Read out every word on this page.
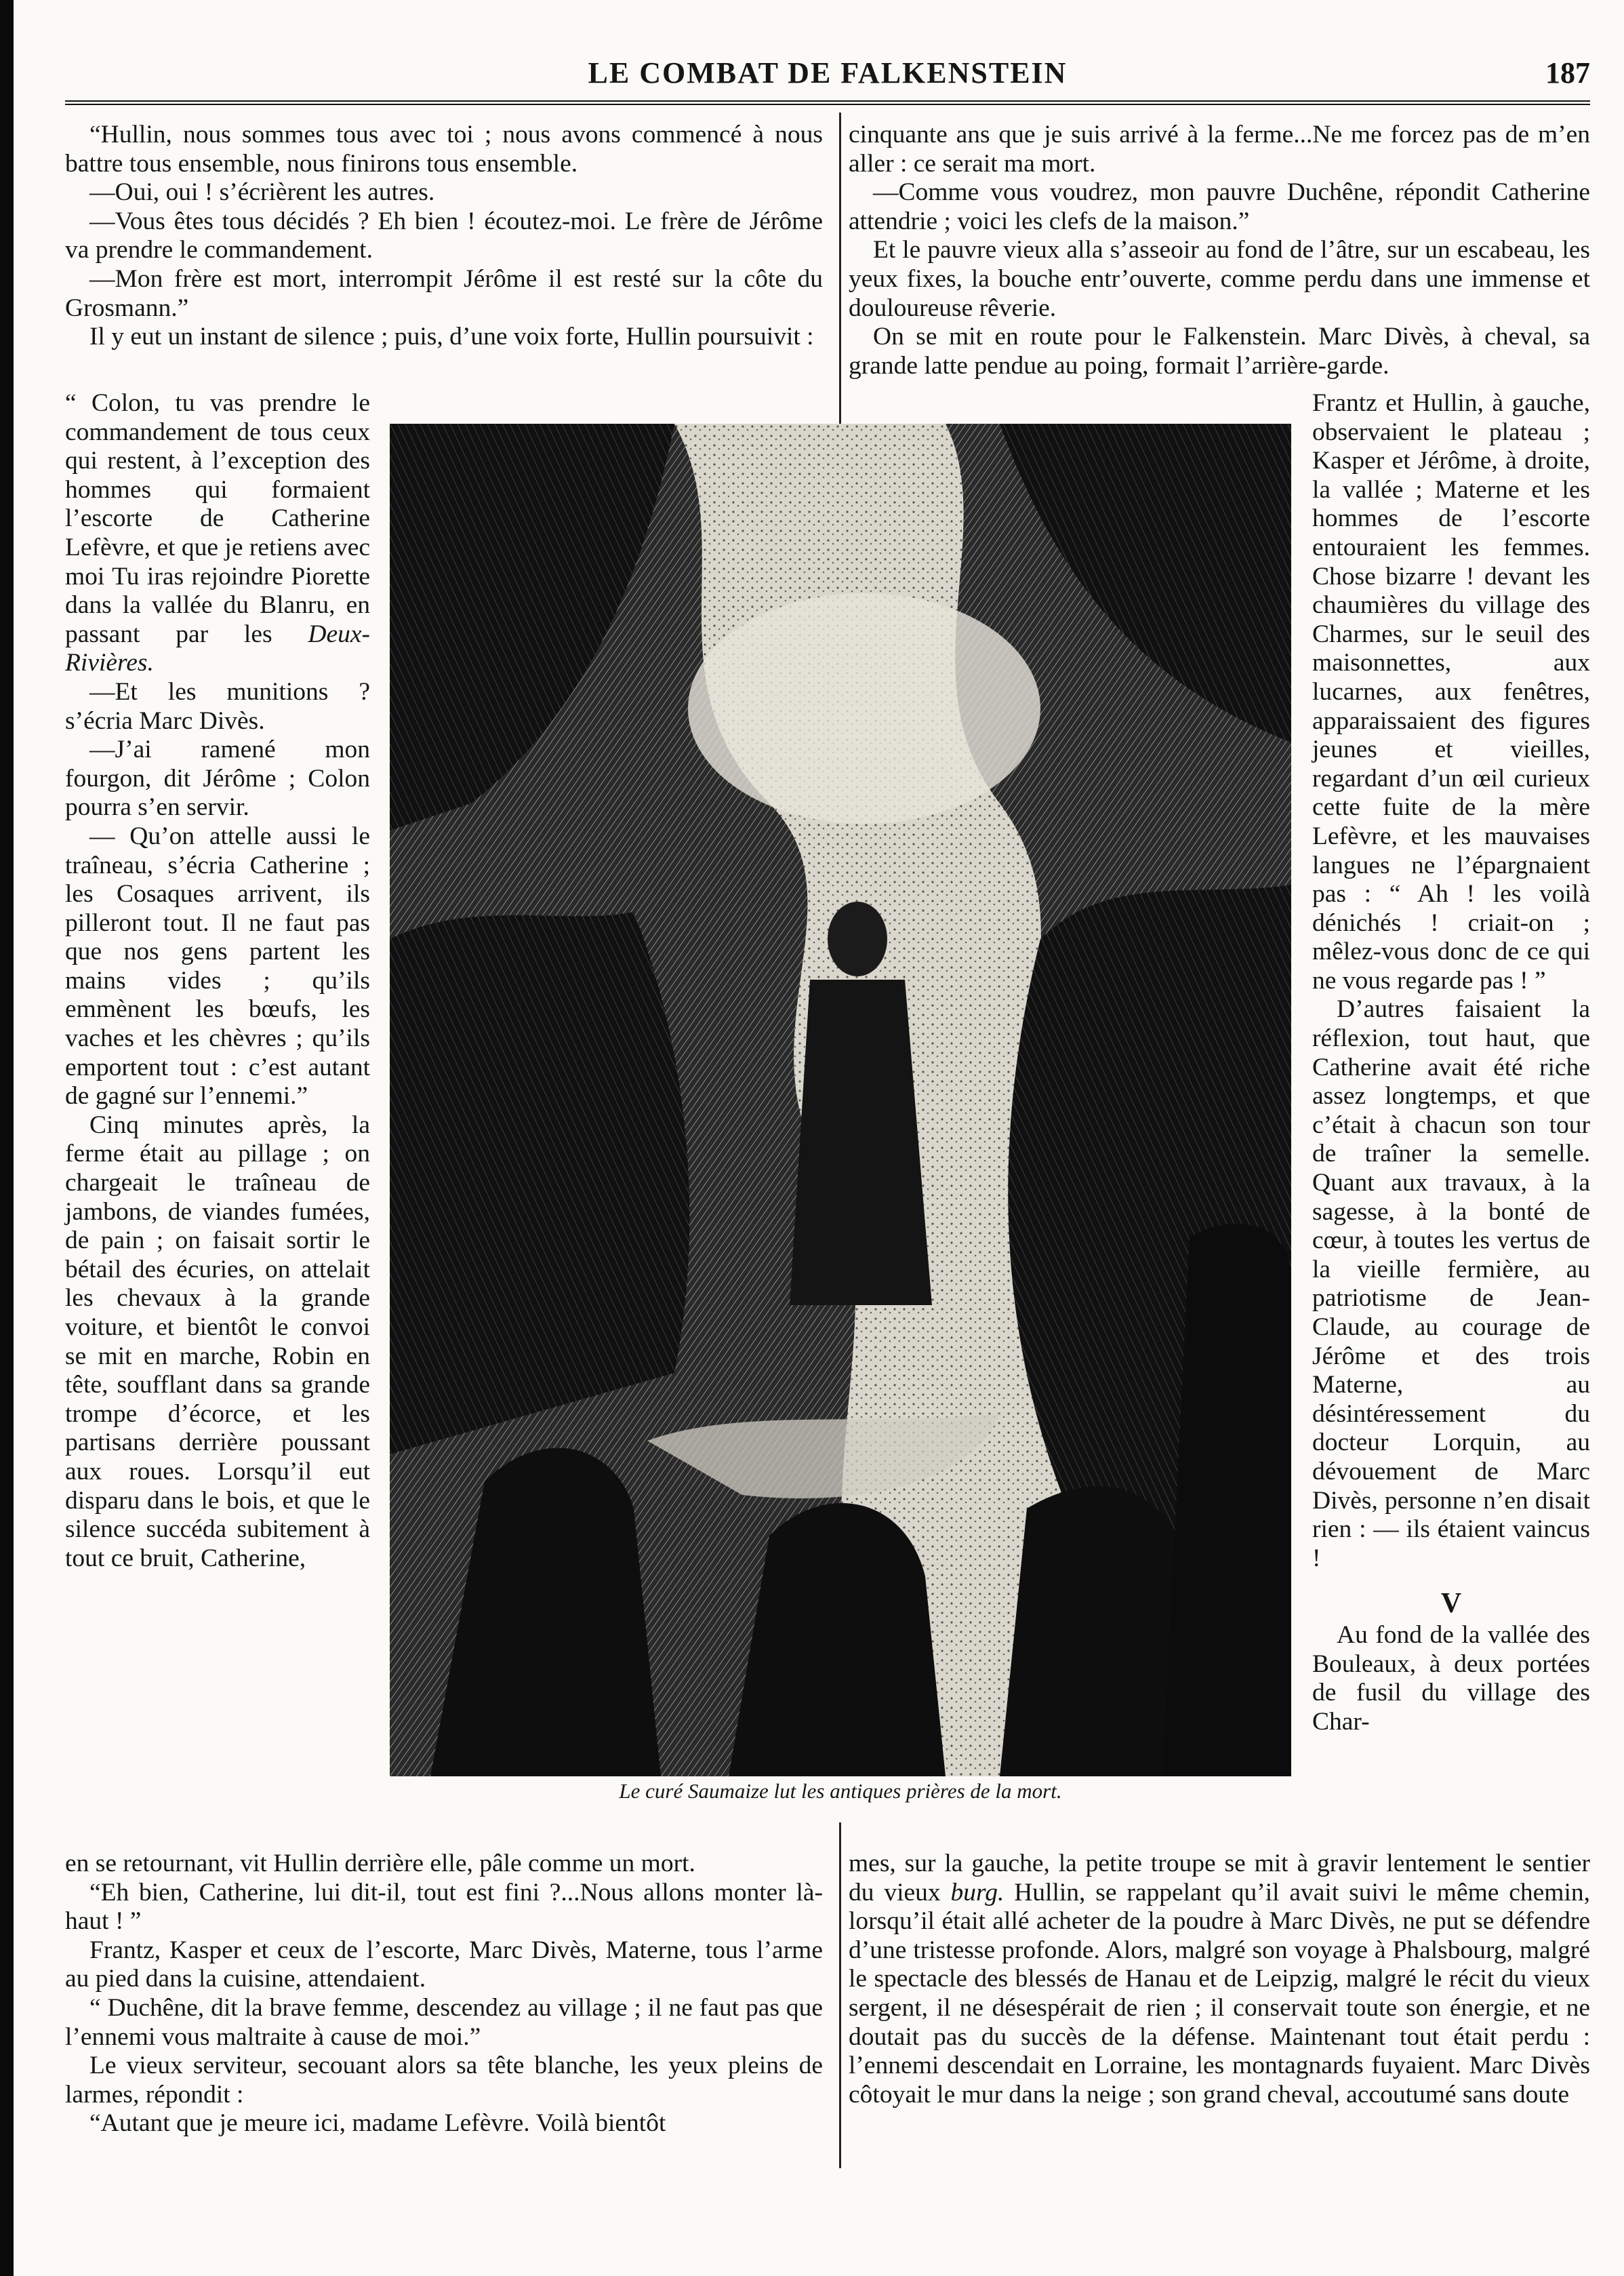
LE COMBAT DE FALKENSTEIN	187

“Hullin, nous sommes tous avec toi ; nous avons commencé à nous battre tous ensemble, nous finirons tous ensemble.

—Oui, oui ! s’écrièrent les autres.

—Vous êtes tous décidés ? Eh bien ! écoutez-moi. Le frère de Jérôme va prendre le commandement.

—Mon frère est mort, interrompit Jérôme il est resté sur la côte du Grosmann.”

Il y eut un instant de silence ; puis, d’une voix forte, Hullin poursuivit :

“ Colon, tu vas prendre le commandement de tous ceux qui restent, à l’exception des hommes qui formaient l’escorte de Catherine Lefèvre, et que je retiens avec moi Tu iras rejoindre Piorette dans la vallée du Blanru, en passant par les Deux-Rivières.

—Et les munitions ? s’écria Marc Divès.

—J’ai ramené mon fourgon, dit Jérôme ; Colon pourra s’en servir.

— Qu’on attelle aussi le traîneau, s’écria Catherine ; les Cosaques arrivent, ils pilleront tout. Il ne faut pas que nos gens partent les mains vides ; qu’ils emmènent les bœufs, les vaches et les chèvres ; qu’ils emportent tout : c’est autant de gagné sur l’ennemi.”

Cinq minutes après, la ferme était au pillage ; on chargeait le traîneau de jambons, de viandes fumées, de pain ; on faisait sortir le bétail des écuries, on attelait les chevaux à la grande voiture, et bientôt le convoi se mit en marche, Robin en tête, soufflant dans sa grande trompe d’écorce, et les partisans derrière poussant aux roues. Lorsqu’il eut disparu dans le bois, et que le silence succéda subitement à tout ce bruit, Catherine,

en se retournant, vit Hullin derrière elle, pâle comme un mort.

“Eh bien, Catherine, lui dit-il, tout est fini ?...Nous allons monter là-haut ! ”

Frantz, Kasper et ceux de l’escorte, Marc Divès, Materne, tous l’arme au pied dans la cuisine, attendaient.

“ Duchêne, dit la brave femme, descendez au village ; il ne faut pas que l’ennemi vous maltraite à cause de moi.”

Le vieux serviteur, secouant alors sa tête blanche, les yeux pleins de larmes, répondit :

“Autant que je meure ici, madame Lefèvre. Voilà bientôt

cinquante ans que je suis arrivé à la ferme...Ne me forcez pas de m’en aller : ce serait ma mort.

—Comme vous voudrez, mon pauvre Duchêne, répondit Catherine attendrie ; voici les clefs de la maison.”

Et le pauvre vieux alla s’asseoir au fond de l’âtre, sur un escabeau, les yeux fixes, la bouche entr’ouverte, comme perdu dans une immense et douloureuse rêverie.

On se mit en route pour le Falkenstein. Marc Divès, à cheval, sa grande latte pendue au poing, formait l’arrière-garde.

Frantz et Hullin, à gauche, observaient le plateau ; Kasper et Jérôme, à droite, la vallée ; Materne et les hommes de l’escorte entouraient les femmes. Chose bizarre ! devant les chaumières du village des Charmes, sur le seuil des maisonnettes, aux lucarnes, aux fenêtres, apparaissaient des figures jeunes et vieilles, regardant d’un œil curieux cette fuite de la mère Lefèvre, et les mauvaises langues ne l’épargnaient pas : “ Ah ! les voilà dénichés ! criait-on ; mêlez-vous donc de ce qui ne vous regarde pas ! ”

D’autres faisaient la réflexion, tout haut, que Catherine avait été riche assez longtemps, et que c’était à chacun son tour de traîner la semelle. Quant aux travaux, à la sagesse, à la bonté de cœur, à toutes les vertus de la vieille fermière, au patriotisme de Jean-Claude, au courage de Jérôme et des trois Materne, au désintéressement du docteur Lorquin, au dévouement de Marc Divès, personne n’en disait rien : — ils étaient vaincus !

V

Au fond de la vallée des Bouleaux, à deux portées de fusil du village des Char-

mes, sur la gauche, la petite troupe se mit à gravir lentement le sentier du vieux burg. Hullin, se rappelant qu’il avait suivi le même chemin, lorsqu’il était allé acheter de la poudre à Marc Divès, ne put se défendre d’une tristesse profonde. Alors, malgré son voyage à Phalsbourg, malgré le spectacle des blessés de Hanau et de Leipzig, malgré le récit du vieux sergent, il ne désespérait de rien ; il conservait toute son énergie, et ne doutait pas du succès de la défense. Maintenant tout était perdu : l’ennemi descendait en Lorraine, les montagnards fuyaient. Marc Divès côtoyait le mur dans la neige ; son grand cheval, accoutumé sans doute

Le curé Saumaize lut les antiques prières de la mort.
